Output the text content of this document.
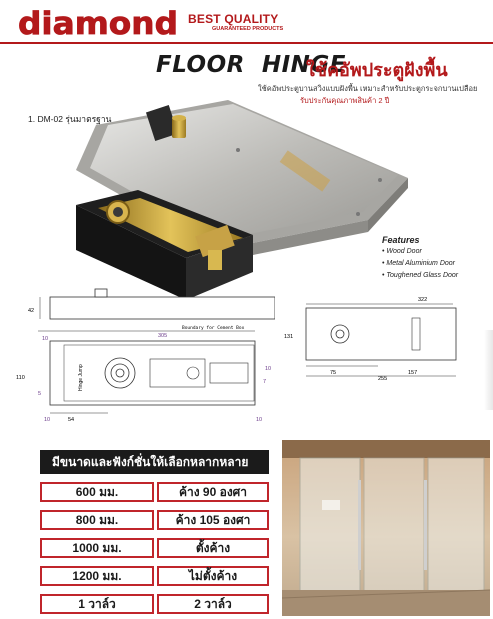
diamond BEST QUALITY
GUARANTEED PRODUCTS
FLOOR  HINGE
ใช้คอัพประตูฝังพื้น
ใช้คอัพประตูบานสวิงแบบฝังพื้น เหมาะสำหรับประตูกระจกบานเปลือย
รับประกันคุณภาพสินค้า 2 ปี
1. DM-02 รุ่นมาตรฐาน
Features
• Wood Door
• Metal Aluminium Door
• Toughened Glass Door
42
10	305
Boundary for Cement Box
110	Hinge Jump	10
7
5
54
10	10
322
131
75	157
255
มีขนาดและฟังก์ชั่นให้เลือกหลากหลาย
600 มม.	ค้าง 90 องศา
800 มม.	ค้าง 105 องศา
1000 มม.	ตั้งค้าง
1200 มม.	ไม่ตั้งค้าง
1 วาล์ว	2 วาล์ว
